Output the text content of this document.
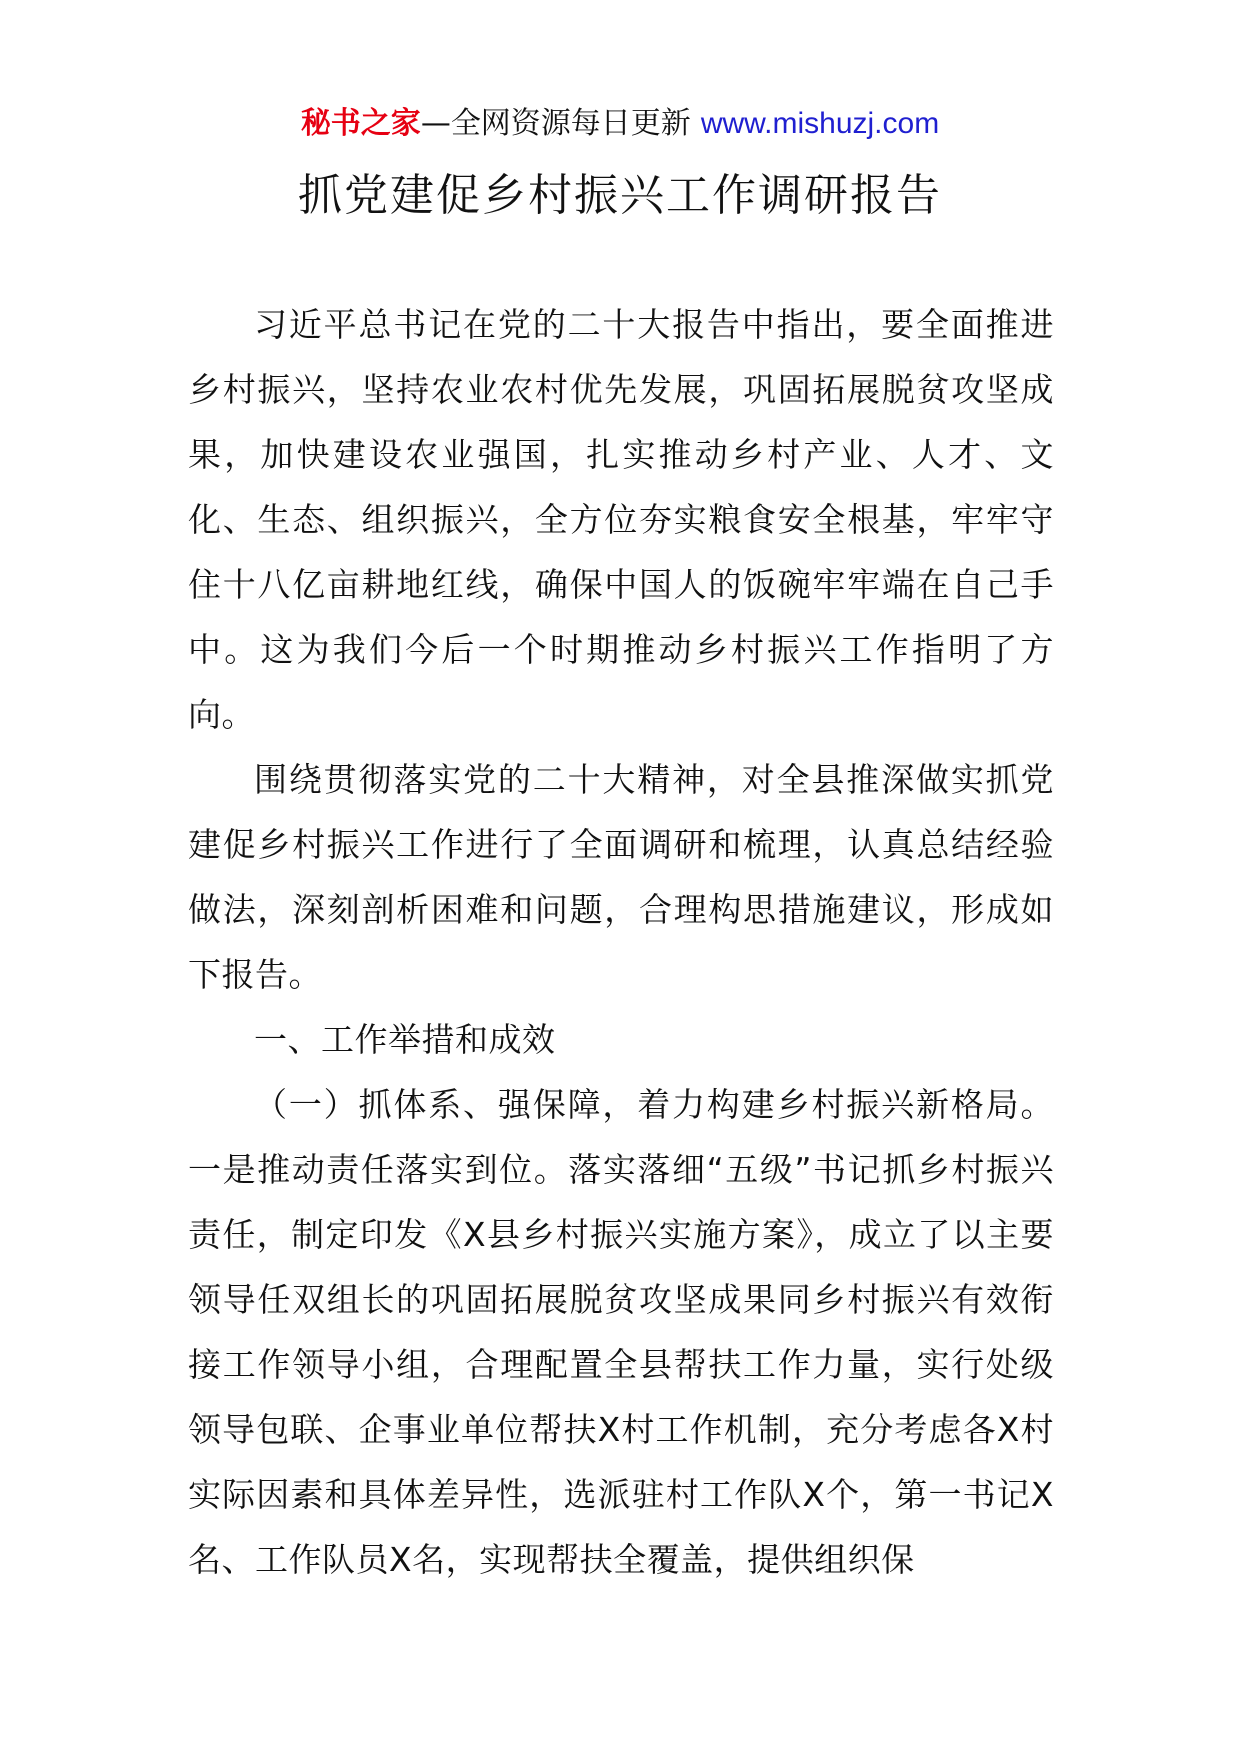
秘书之家—全网资源每日更新 www.mishuzj.com
抓党建促乡村振兴工作调研报告

习近平总书记在党的二十大报告中指出，要全面推进乡村振兴，坚持农业农村优先发展，巩固拓展脱贫攻坚成果，加快建设农业强国，扎实推动乡村产业、人才、文化、生态、组织振兴，全方位夯实粮食安全根基，牢牢守住十八亿亩耕地红线，确保中国人的饭碗牢牢端在自己手中。这为我们今后一个时期推动乡村振兴工作指明了方向。

围绕贯彻落实党的二十大精神，对全县推深做实抓党建促乡村振兴工作进行了全面调研和梳理，认真总结经验做法，深刻剖析困难和问题，合理构思措施建议，形成如下报告。

一、工作举措和成效

（一）抓体系、强保障，着力构建乡村振兴新格局。一是推动责任落实到位。落实落细“五级”书记抓乡村振兴责任，制定印发《X县乡村振兴实施方案》，成立了以主要领导任双组长的巩固拓展脱贫攻坚成果同乡村振兴有效衔接工作领导小组，合理配置全县帮扶工作力量，实行处级领导包联、企事业单位帮扶X村工作机制，充分考虑各X村实际因素和具体差异性，选派驻村工作队X个，第一书记X名、工作队员X名，实现帮扶全覆盖，提供组织保
